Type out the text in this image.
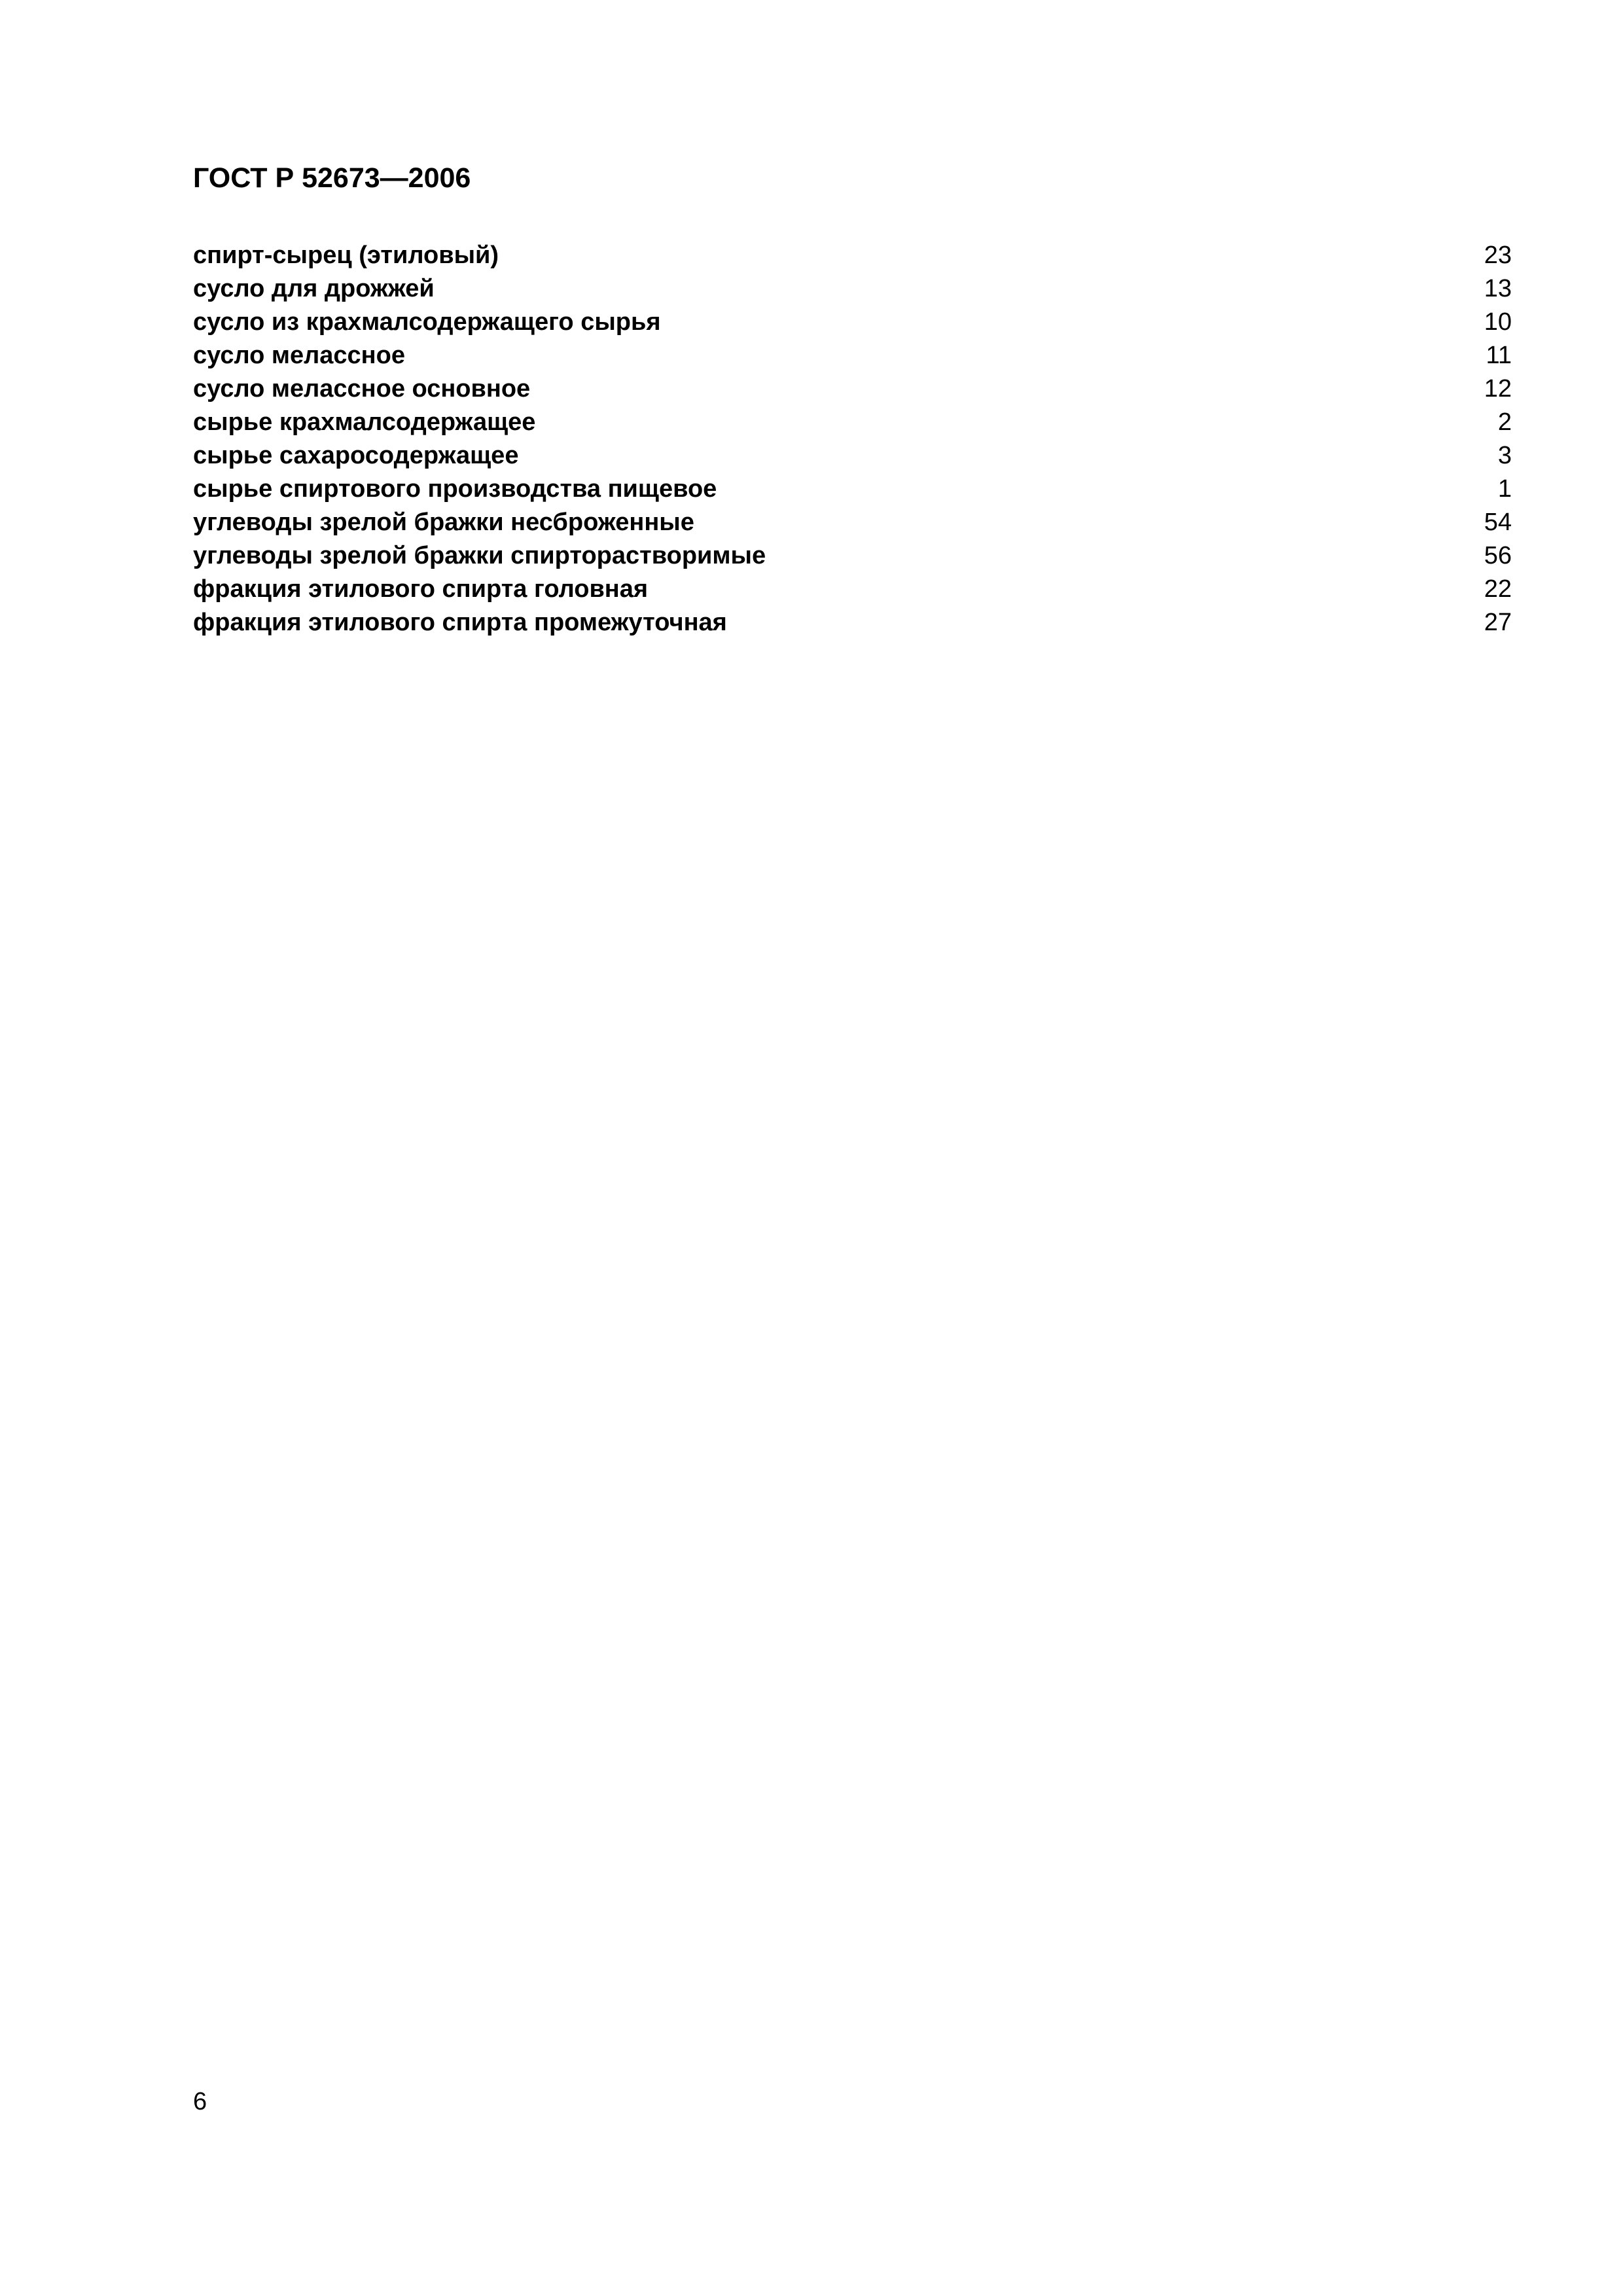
ГОСТ Р 52673—2006
спирт-сырец (этиловый)	23
сусло для дрожжей	13
сусло из крахмалсодержащего сырья	10
сусло мелассное	11
сусло мелассное основное	12
сырье крахмалсодержащее	2
сырье сахаросодержащее	3
сырье спиртового производства пищевое	1
углеводы зрелой бражки несброженные	54
углеводы зрелой бражки спирторастворимые	56
фракция этилового спирта головная	22
фракция этилового спирта промежуточная	27
6
